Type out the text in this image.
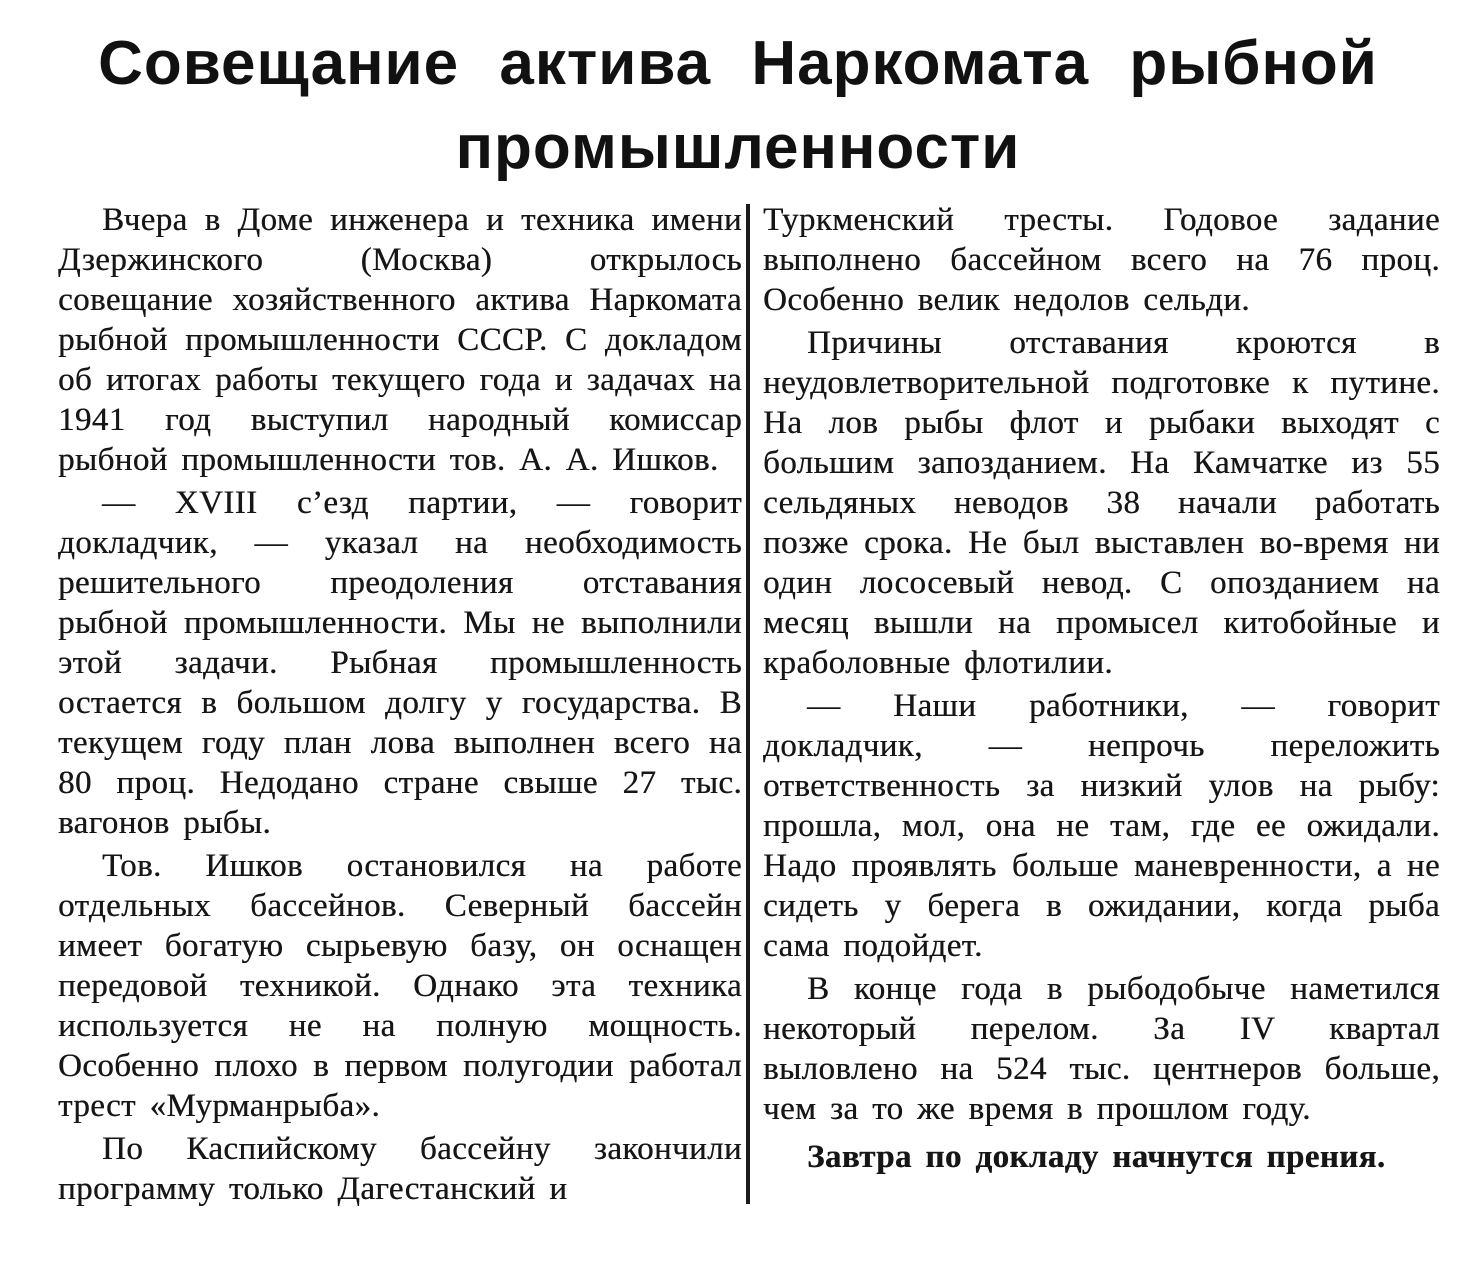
Совещание актива Наркомата рыбной промышленности

Вчера в Доме инженера и техника имени Дзержинского (Москва) открылось совещание хозяйственного актива Наркомата рыбной промышленности СССР. С докладом об итогах работы текущего года и задачах на 1941 год выступил народный комиссар рыбной промышленности тов. А. А. Ишков.

— XVIII с’езд партии, — говорит докладчик, — указал на необходимость решительного преодоления отставания рыбной промышленности. Мы не выполнили этой задачи. Рыбная промышленность остается в большом долгу у государства. В текущем году план лова выполнен всего на 80 проц. Недодано стране свыше 27 тыс. вагонов рыбы.

Тов. Ишков остановился на работе отдельных бассейнов. Северный бассейн имеет богатую сырьевую базу, он оснащен передовой техникой. Однако эта техника используется не на полную мощность. Особенно плохо в первом полугодии работал трест «Мурманрыба».

По Каспийскому бассейну закончили программу только Дагестанский и

Туркменский тресты. Годовое задание выполнено бассейном всего на 76 проц. Особенно велик недолов сельди.

Причины отставания кроются в неудовлетворительной подготовке к путине. На лов рыбы флот и рыбаки выходят с большим запозданием. На Камчатке из 55 сельдяных неводов 38 начали работать позже срока. Не был выставлен во-время ни один лососевый невод. С опозданием на месяц вышли на промысел китобойные и краболовные флотилии.

— Наши работники, — говорит докладчик, — непрочь переложить ответственность за низкий улов на рыбу: прошла, мол, она не там, где ее ожидали. Надо проявлять больше маневренности, а не сидеть у берега в ожидании, когда рыба сама подойдет.

В конце года в рыбодобыче наметился некоторый перелом. За IV квартал выловлено на 524 тыс. центнеров больше, чем за то же время в прошлом году.

Завтра по докладу начнутся прения.
